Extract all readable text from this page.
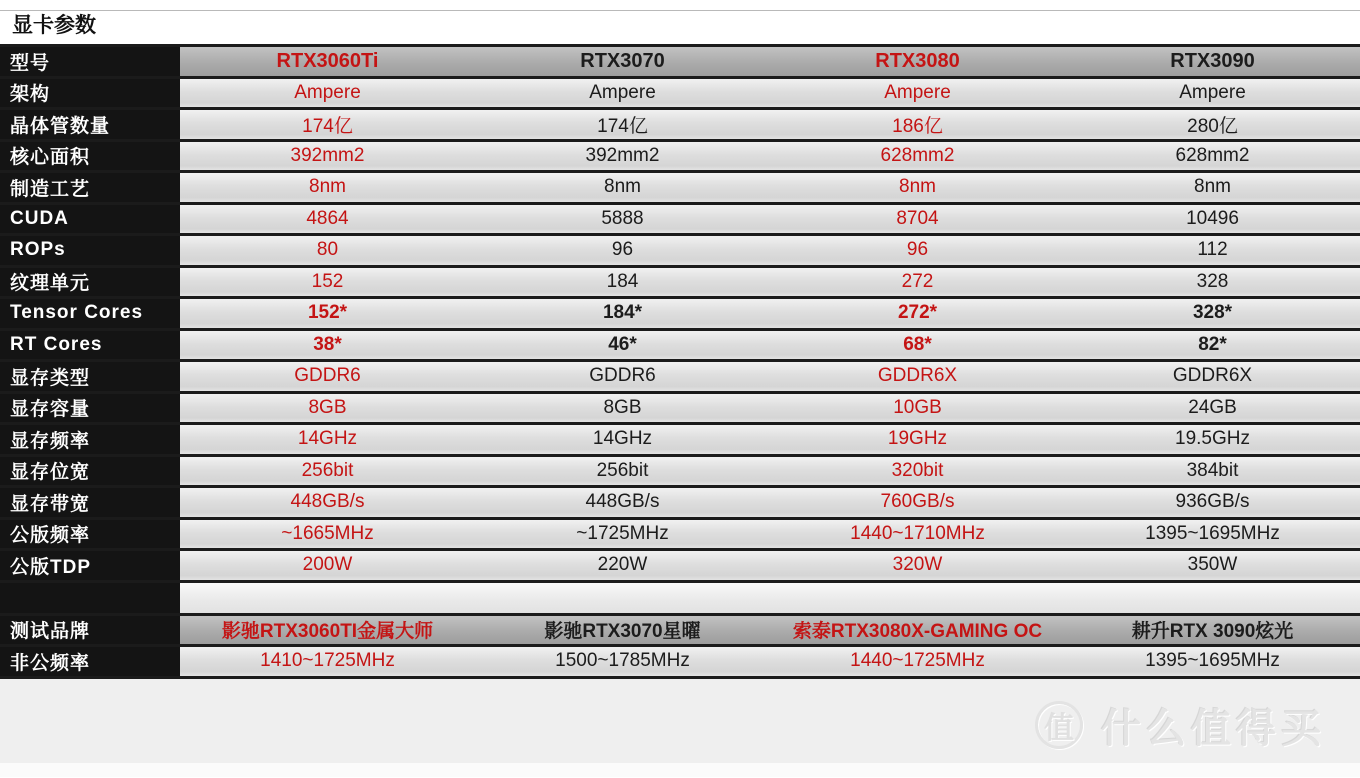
显卡参数
型号	RTX3060Ti	RTX3070	RTX3080	RTX3090
架构	Ampere	Ampere	Ampere	Ampere
晶体管数量	174亿	174亿	186亿	280亿
核心面积	392mm2	392mm2	628mm2	628mm2
制造工艺	8nm	8nm	8nm	8nm
CUDA	4864	5888	8704	10496
ROPs	80	96	96	112
纹理单元	152	184	272	328
Tensor Cores	152*	184*	272*	328*
RT Cores	38*	46*	68*	82*
显存类型	GDDR6	GDDR6	GDDR6X	GDDR6X
显存容量	8GB	8GB	10GB	24GB
显存频率	14GHz	14GHz	19GHz	19.5GHz
显存位宽	256bit	256bit	320bit	384bit
显存带宽	448GB/s	448GB/s	760GB/s	936GB/s
公版频率	~1665MHz	~1725MHz	1440~1710MHz	1395~1695MHz
公版TDP	200W	220W	320W	350W
测试品牌	影驰RTX3060TI金属大师	影驰RTX3070星曜	索泰RTX3080X-GAMING OC	耕升RTX 3090炫光
非公频率	1410~1725MHz	1500~1785MHz	1440~1725MHz	1395~1695MHz
值 什么值得买
